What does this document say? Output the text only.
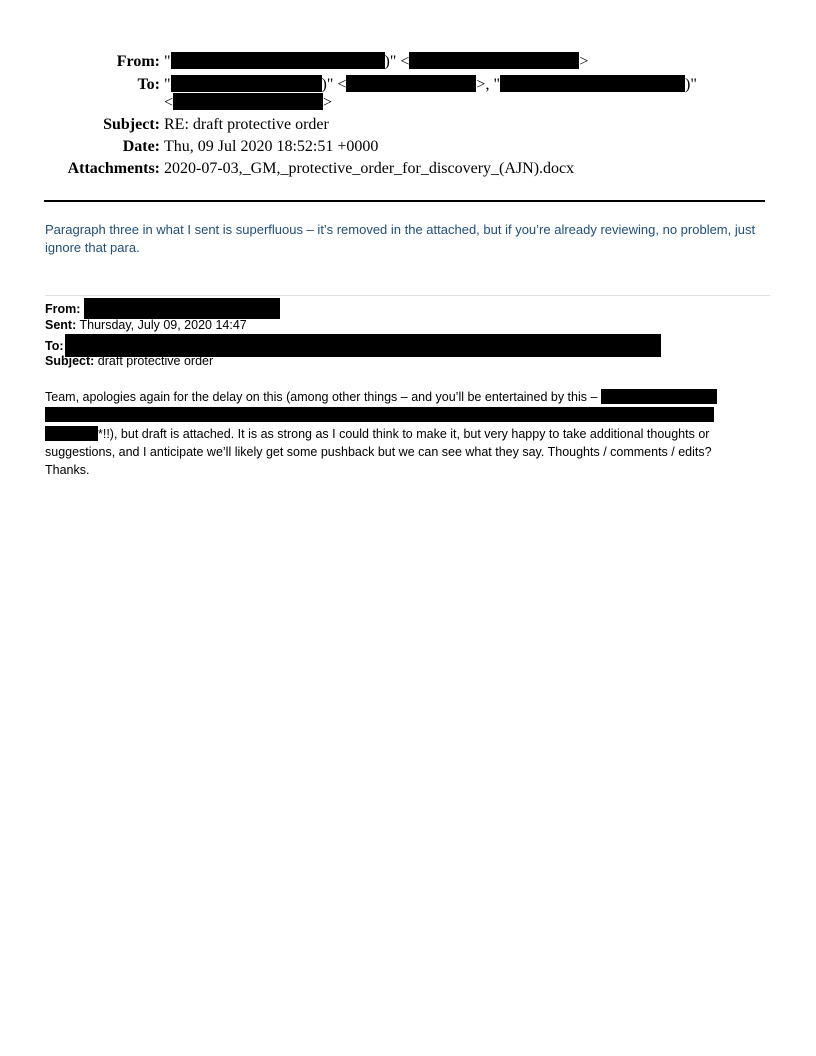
From: "	)" <	>
To: "	)" <	>, "	)"
<	>
Subject: RE: draft protective order
Date: Thu, 09 Jul 2020 18:52:51 +0000
Attachments: 2020-07-03,_GM,_protective_order_for_discovery_(AJN).docx
Paragraph three in what I sent is superfluous – it’s removed in the attached, but if you’re already reviewing, no problem, just ignore that para.
From:
Sent: Thursday, July 09, 2020 14:47
To:
Subject: draft protective order
Team, apologies again for the delay on this (among other things – and you’ll be entertained by this –

*!!), but draft is attached. It is as strong as I could think to make it, but very happy to take additional thoughts or suggestions, and I anticipate we’ll likely get some pushback but we can see what they say. Thoughts / comments / edits?
Thanks.
